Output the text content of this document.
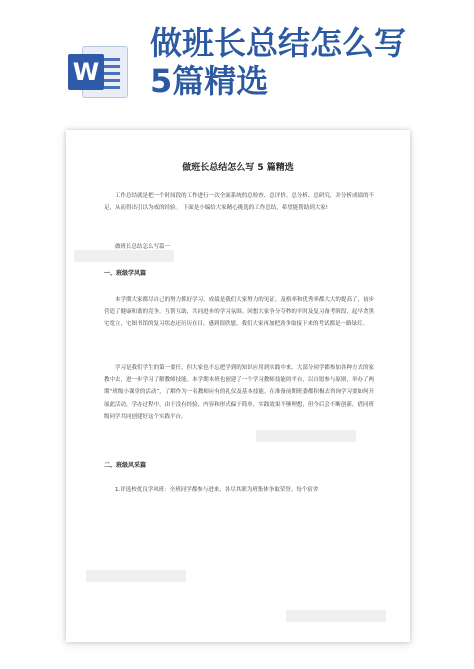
W
做班长总结怎么写
5篇精选
做班长总结怎么写 5 篇精选

工作总结就是把一个时间段的工作进行一次全面系统的总检查、总评价、总分析、总研究，并分析成绩的不足，从而得出引以为戒的经验。 下面是小编给大家精心挑选的工作总结，希望能帮助到大家!

做班长总结怎么写篇一
一、班级学风篇

本学期大家都尽自己的努力抓好学习，成绩是我们大家努力的见证。及格率和优秀率都大大的提高了，初步营造了健康和谐的竞争，互帮互助、共同进步的学习氛围。回想大家争分夺秒的平时及复习备考阶段，起早贪黑宅宽立，宅图书馆的复习状态还历历在目，感到很欣慰，我们大家再加把劲争取接下来的考试都是一路绿灯。

学习是我们学生的第一要任，但大家也不忘把学到的知识应用到实践中来。大部分同学都参加各种方式的家教中去，进一步学习了解教师技能。本学期本班也创建了一个学习教师技能的平台，以自愿参与原则，举办了两期“班级小课堂的活动”，了解作为一名教师应有的礼仪及基本技能。在准备前期班委都积极去咨询学习要如何开展此活动，学办过程中，由于没有经验，内容和形式偏于简单，实践效果不够理想，但今后会不断创新，借同班级同学共同创建好这个实践平台。

二、班级风采篇

1.评选校优良学风班：全班同学都参与进来，各尽其职为班集体争取荣誉。每个宿舍
